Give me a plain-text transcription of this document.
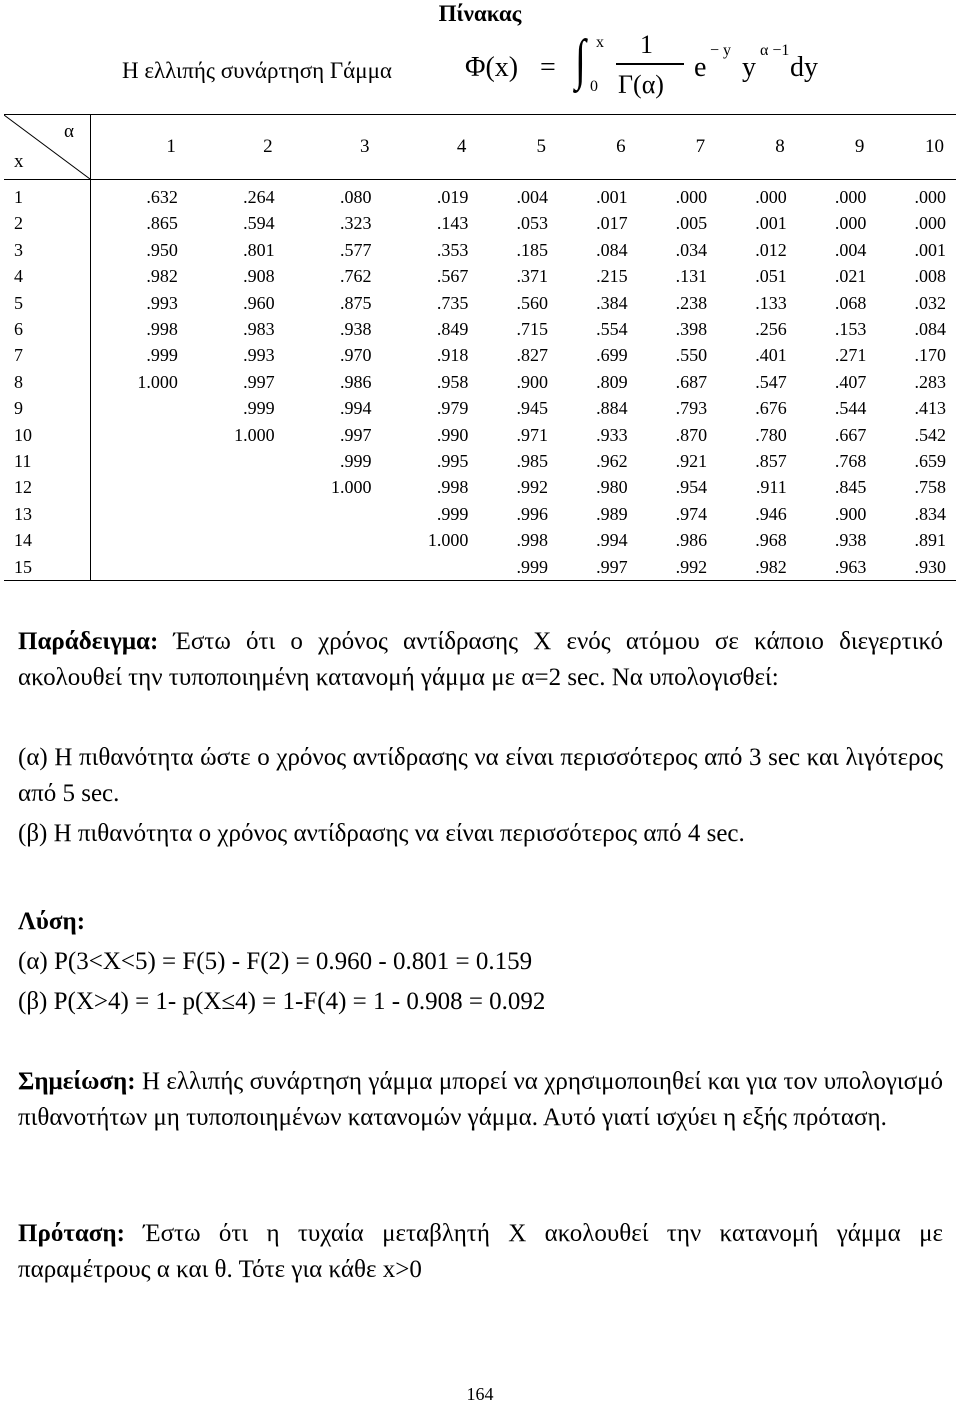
Πίνακας
Η ελλιπής συνάρτηση Γάμμα	Φ(x) = ∫ x
0
1
Γ(α)
e
− y
y
α −1
dy
α
x	1	2	3	4	5	6	7	8	9	10
1	.632	.264	.080	.019	.004	.001	.000	.000	.000	.000
2	.865	.594	.323	.143	.053	.017	.005	.001	.000	.000
3	.950	.801	.577	.353	.185	.084	.034	.012	.004	.001
4	.982	.908	.762	.567	.371	.215	.131	.051	.021	.008
5	.993	.960	.875	.735	.560	.384	.238	.133	.068	.032
6	.998	.983	.938	.849	.715	.554	.398	.256	.153	.084
7	.999	.993	.970	.918	.827	.699	.550	.401	.271	.170
8	1.000	.997	.986	.958	.900	.809	.687	.547	.407	.283
9		.999	.994	.979	.945	.884	.793	.676	.544	.413
10		1.000	.997	.990	.971	.933	.870	.780	.667	.542
11			.999	.995	.985	.962	.921	.857	.768	.659
12			1.000	.998	.992	.980	.954	.911	.845	.758
13				.999	.996	.989	.974	.946	.900	.834
14				1.000	.998	.994	.986	.968	.938	.891
15					.999	.997	.992	.982	.963	.930
Παράδειγμα: Έστω ότι ο χρόνος αντίδρασης Χ ενός ατόμου σε κάποιο διεγερτικό ακολουθεί την τυποποιημένη κατανομή γάμμα με α=2 sec. Να υπολογισθεί:
(α) Η πιθανότητα ώστε ο χρόνος αντίδρασης να είναι περισσότερος από 3 sec και λιγότερος από 5 sec.
(β) Η πιθανότητα ο χρόνος αντίδρασης να είναι περισσότερος από 4 sec.
Λύση:
(α) P(3<X<5) = F(5) - F(2) = 0.960 - 0.801 = 0.159
(β) P(X>4) = 1- p(X≤4) = 1-F(4) = 1 - 0.908 = 0.092
Σημείωση: Η ελλιπής συνάρτηση γάμμα μπορεί να χρησιμοποιηθεί και για τον υπολογισμό πιθανοτήτων μη τυποποιημένων κατανομών γάμμα. Αυτό γιατί ισχύει η εξής πρόταση.
Πρόταση: Έστω ότι η τυχαία μεταβλητή Χ ακολουθεί την κατανομή γάμμα με παραμέτρους α και θ. Τότε για κάθε x>0
164
